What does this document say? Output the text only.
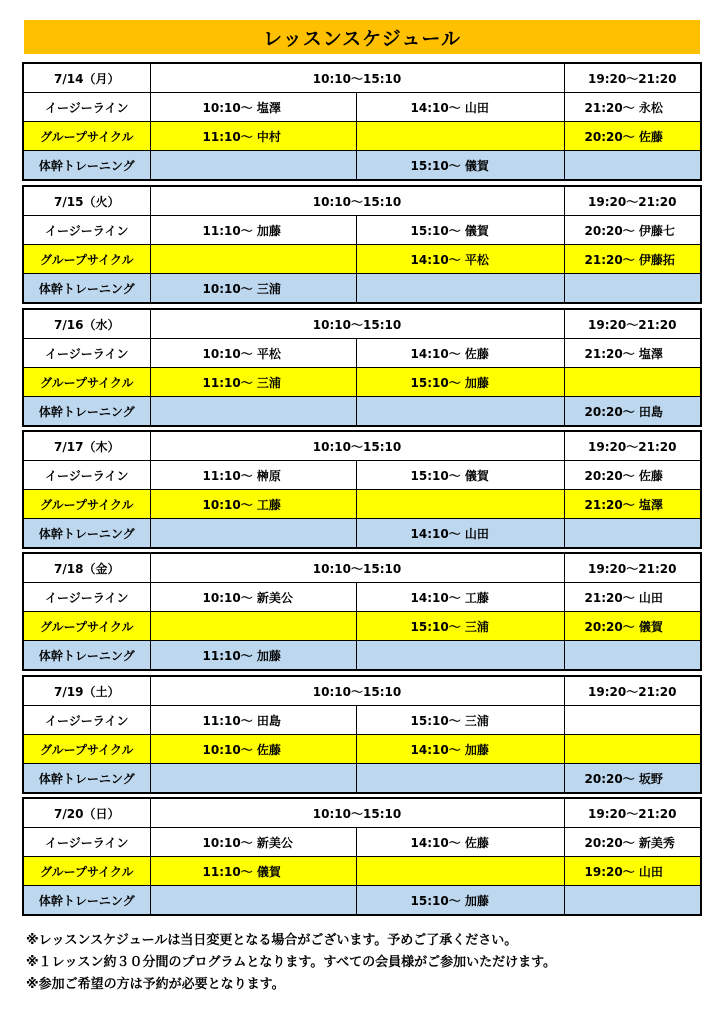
レッスンスケジュール
7/14（月）	10:10〜15:10		19:20〜21:20
イージーライン	10:10〜 塩澤	14:10〜 山田	21:20〜 永松
グループサイクル	11:10〜 中村		20:20〜 佐藤
体幹トレーニング		15:10〜 儀賀	
7/15（火）	10:10〜15:10		19:20〜21:20
イージーライン	11:10〜 加藤	15:10〜 儀賀	20:20〜 伊藤七
グループサイクル		14:10〜 平松	21:20〜 伊藤拓
体幹トレーニング	10:10〜 三浦		
7/16（水）	10:10〜15:10		19:20〜21:20
イージーライン	10:10〜 平松	14:10〜 佐藤	21:20〜 塩澤
グループサイクル	11:10〜 三浦	15:10〜 加藤	
体幹トレーニング			20:20〜 田島
7/17（木）	10:10〜15:10		19:20〜21:20
イージーライン	11:10〜 榊原	15:10〜 儀賀	20:20〜 佐藤
グループサイクル	10:10〜 工藤		21:20〜 塩澤
体幹トレーニング		14:10〜 山田	
7/18（金）	10:10〜15:10		19:20〜21:20
イージーライン	10:10〜 新美公	14:10〜 工藤	21:20〜 山田
グループサイクル		15:10〜 三浦	20:20〜 儀賀
体幹トレーニング	11:10〜 加藤		
7/19（土）	10:10〜15:10		19:20〜21:20
イージーライン	11:10〜 田島	15:10〜 三浦	
グループサイクル	10:10〜 佐藤	14:10〜 加藤	
体幹トレーニング			20:20〜 坂野
7/20（日）	10:10〜15:10		19:20〜21:20
イージーライン	10:10〜 新美公	14:10〜 佐藤	20:20〜 新美秀
グループサイクル	11:10〜 儀賀		19:20〜 山田
体幹トレーニング		15:10〜 加藤	
※レッスンスケジュールは当日変更となる場合がございます。予めご了承ください。
※１レッスン約３０分間のプログラムとなります。すべての会員様がご参加いただけます。
※参加ご希望の方は予約が必要となります。
